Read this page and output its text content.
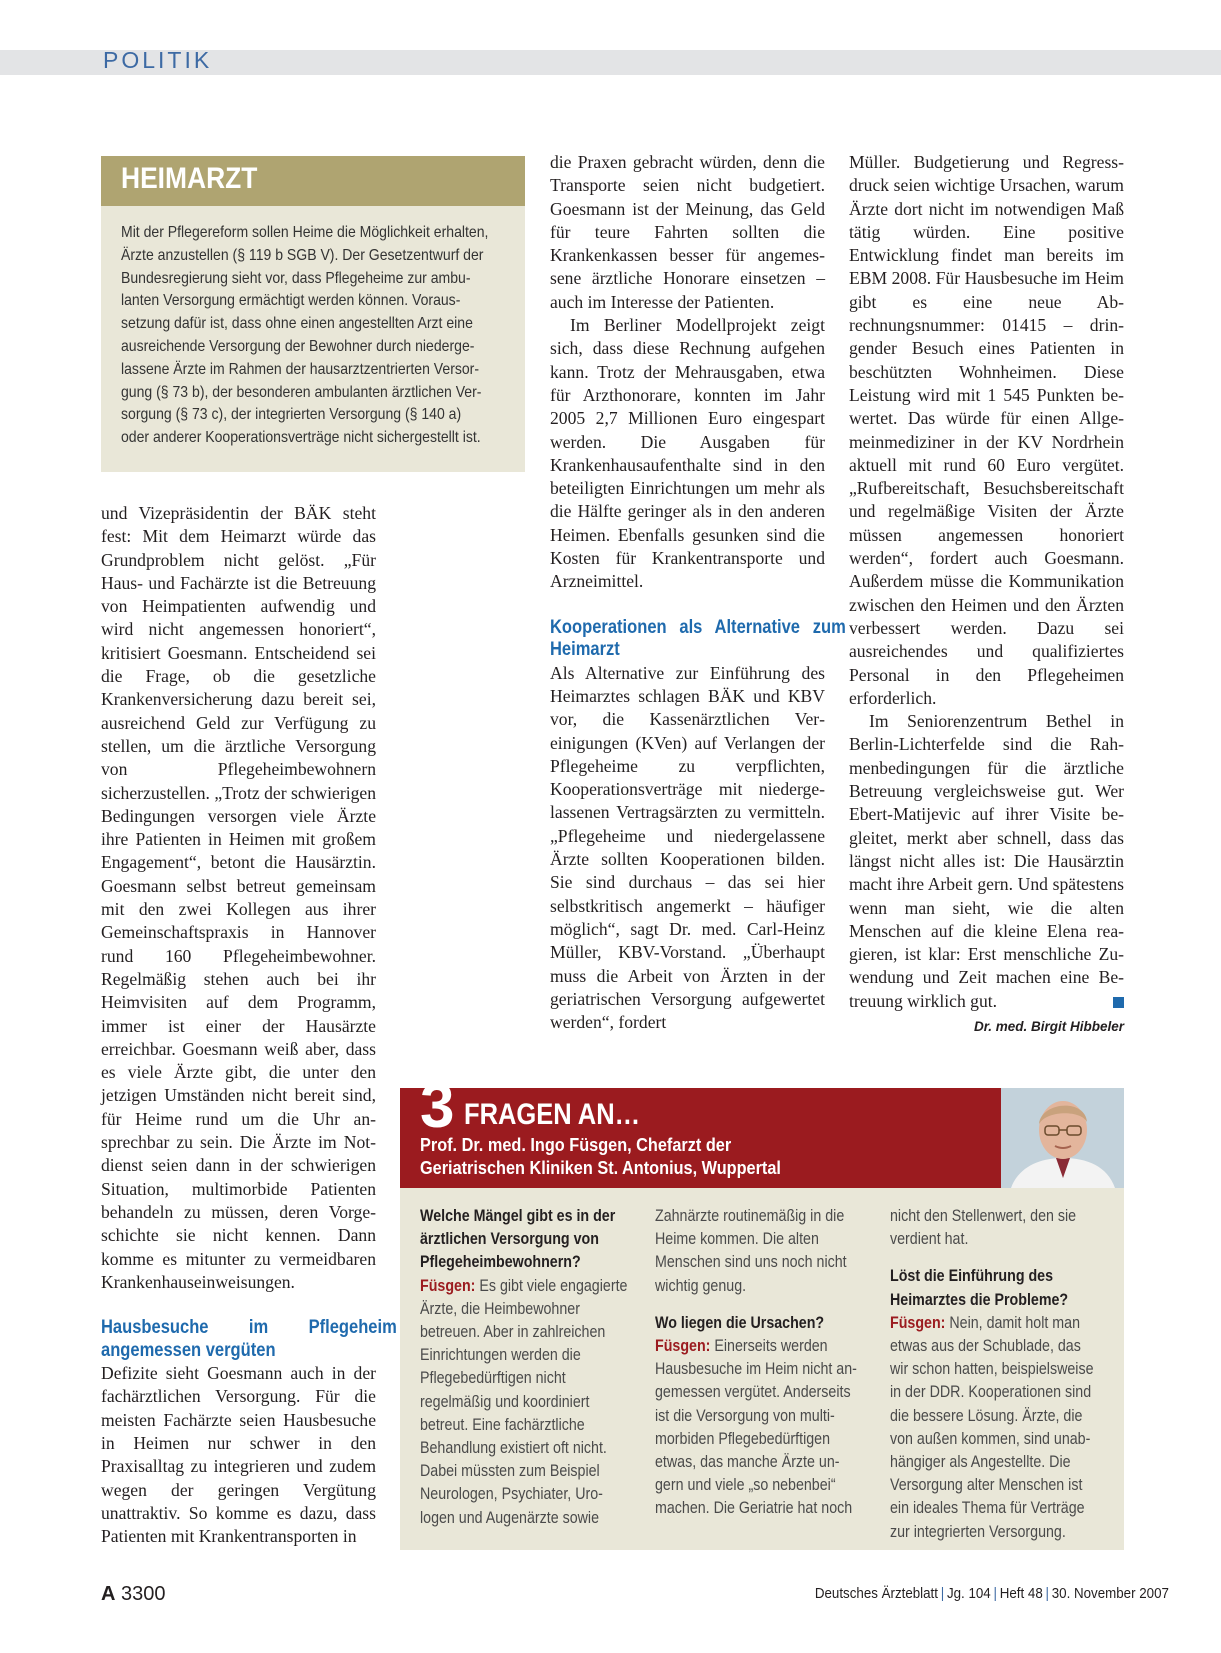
POLITIK
HEIMARZT

Mit der Pflegereform sollen Heime die Möglichkeit erhalten,

Ärzte anzustellen (§ 119 b SGB V). Der Gesetzentwurf der

Bundesregierung sieht vor, dass Pflegeheime zur ambu-

lanten Versorgung ermächtigt werden können. Voraus-

setzung dafür ist, dass ohne einen angestellten Arzt eine

ausreichende Versorgung der Bewohner durch niederge-

lassene Ärzte im Rahmen der hausarztzentrierten Versor-

gung (§ 73 b), der besonderen ambulanten ärztlichen Ver-

sorgung (§ 73 c), der integrierten Versorgung (§ 140 a)

oder anderer Kooperationsverträge nicht sichergestellt ist.

und Vizepräsidentin der BÄK steht fest: Mit dem Heimarzt würde das Grundproblem nicht gelöst. „Für Haus- und Fachärzte ist die Betreuung von Heimpatienten aufwendig und wird nicht angemessen honoriert“, kritisiert Goesmann. Entscheidend sei die Frage, ob die gesetzliche Krankenversicherung dazu bereit sei, ausreichend Geld zur Verfügung zu stellen, um die ärztliche Versorgung von Pflegeheimbewohnern sicherzustellen. „Trotz der schwierigen Bedingungen versorgen viele Ärzte ihre Patienten in Heimen mit großem Engagement“, betont die Hausärztin. Goesmann selbst betreut gemeinsam mit den zwei Kollegen aus ihrer Gemeinschaftspraxis in Hannover rund 160 Pflegeheimbewohner. Regelmäßig stehen auch bei ihr Heimvisiten auf dem Programm, immer ist einer der Hausärzte erreichbar. Goesmann weiß aber, dass es viele Ärzte gibt, die unter den jetzigen Umständen nicht bereit sind, für Heime rund um die Uhr ansprechbar zu sein. Die Ärzte im Notdienst seien dann in der schwierigen Situation, multimorbide Patienten behandeln zu müssen, deren Vorgeschichte sie nicht kennen. Dann komme es mitunter zu vermeidbaren Krankenhauseinweisungen.

Hausbesuche im Pflegeheim angemessen vergüten

Defizite sieht Goesmann auch in der fachärztlichen Versorgung. Für die meisten Fachärzte seien Hausbesuche in Heimen nur schwer in den Praxisalltag zu integrieren und zudem wegen der geringen Vergütung unattraktiv. So komme es dazu, dass Patienten mit Krankentransporten in

die Praxen gebracht würden, denn die Transporte seien nicht budgetiert. Goesmann ist der Meinung, das Geld für teure Fahrten sollten die Krankenkassen besser für angemessene ärztliche Honorare einsetzen – auch im Interesse der Patienten.

Im Berliner Modellprojekt zeigt sich, dass diese Rechnung aufgehen kann. Trotz der Mehrausgaben, etwa für Arzthonorare, konnten im Jahr 2005 2,7 Millionen Euro eingespart werden. Die Ausgaben für Krankenhausaufenthalte sind in den beteiligten Einrichtungen um mehr als die Hälfte geringer als in den anderen Heimen. Ebenfalls gesunken sind die Kosten für Krankentransporte und Arzneimittel.

Kooperationen als Alternative zum Heimarzt

Als Alternative zur Einführung des Heimarztes schlagen BÄK und KBV vor, die Kassenärztlichen Vereinigungen (KVen) auf Verlangen der Pflegeheime zu verpflichten, Kooperationsverträge mit niedergelassenen Vertragsärzten zu vermitteln. „Pflegeheime und niedergelassene Ärzte sollten Kooperationen bilden. Sie sind durchaus – das sei hier selbstkritisch angemerkt – häufiger möglich“, sagt Dr. med. Carl-Heinz Müller, KBV-Vorstand. „Überhaupt muss die Arbeit von Ärzten in der geriatrischen Versorgung aufgewertet werden“, fordert

Müller. Budgetierung und Regressdruck seien wichtige Ursachen, warum Ärzte dort nicht im notwendigen Maß tätig würden. Eine positive Entwicklung findet man bereits im EBM 2008. Für Hausbesuche im Heim gibt es eine neue Abrechnungsnummer: 01415 – dringender Besuch eines Patienten in beschützten Wohnheimen. Diese Leistung wird mit 1 545 Punkten bewertet. Das würde für einen Allgemeinmediziner in der KV Nordrhein aktuell mit rund 60 Euro vergütet. „Rufbereitschaft, Besuchsbereitschaft und regelmäßige Visiten der Ärzte müssen angemessen honoriert werden“, fordert auch Goesmann. Außerdem müsse die Kommunikation zwischen den Heimen und den Ärzten verbessert werden. Dazu sei ausreichendes und qualifiziertes Personal in den Pflegeheimen erforderlich.

Im Seniorenzentrum Bethel in Berlin-Lichterfelde sind die Rahmenbedingungen für die ärztliche Betreuung vergleichsweise gut. Wer Ebert-Matijevic auf ihrer Visite begleitet, merkt aber schnell, dass das längst nicht alles ist: Die Hausärztin macht ihre Arbeit gern. Und spätestens wenn man sieht, wie die alten Menschen auf die kleine Elena reagieren, ist klar: Erst menschliche Zuwendung und Zeit machen eine Betreuung wirklich gut.

Dr. med. Birgit Hibbeler
3 FRAGEN AN…
Prof. Dr. med. Ingo Füsgen, Chefarzt der
Geriatrischen Kliniken St. Antonius, Wuppertal

Welche Mängel gibt es in der ärztlichen Versorgung von Pflegeheimbewohnern?

Füsgen: Es gibt viele engagierte Ärzte, die Heimbewohner betreuen. Aber in zahlreichen Einrichtungen werden die Pflegebedürftigen nicht regelmäßig und koordiniert betreut. Eine fachärztliche Behandlung existiert oft nicht. Dabei müssten zum Beispiel Neurologen, Psychiater, Urologen und Augenärzte sowie

Zahnärzte routinemäßig in die Heime kommen. Die alten Menschen sind uns noch nicht wichtig genug.

Wo liegen die Ursachen?

Füsgen: Einerseits werden Hausbesuche im Heim nicht angemessen vergütet. Anderseits ist die Versorgung von multimorbiden Pflegebedürftigen etwas, das manche Ärzte ungern und viele „so nebenbei“ machen. Die Geriatrie hat noch

nicht den Stellenwert, den sie verdient hat.

Löst die Einführung des Heimarztes die Probleme?

Füsgen: Nein, damit holt man etwas aus der Schublade, das wir schon hatten, beispielsweise in der DDR. Kooperationen sind die bessere Lösung. Ärzte, die von außen kommen, sind unabhängiger als Angestellte. Die Versorgung alter Menschen ist ein ideales Thema für Verträge zur integrierten Versorgung.

A 3300	Deutsches Ärzteblatt | Jg. 104 | Heft 48 | 30. November 2007
